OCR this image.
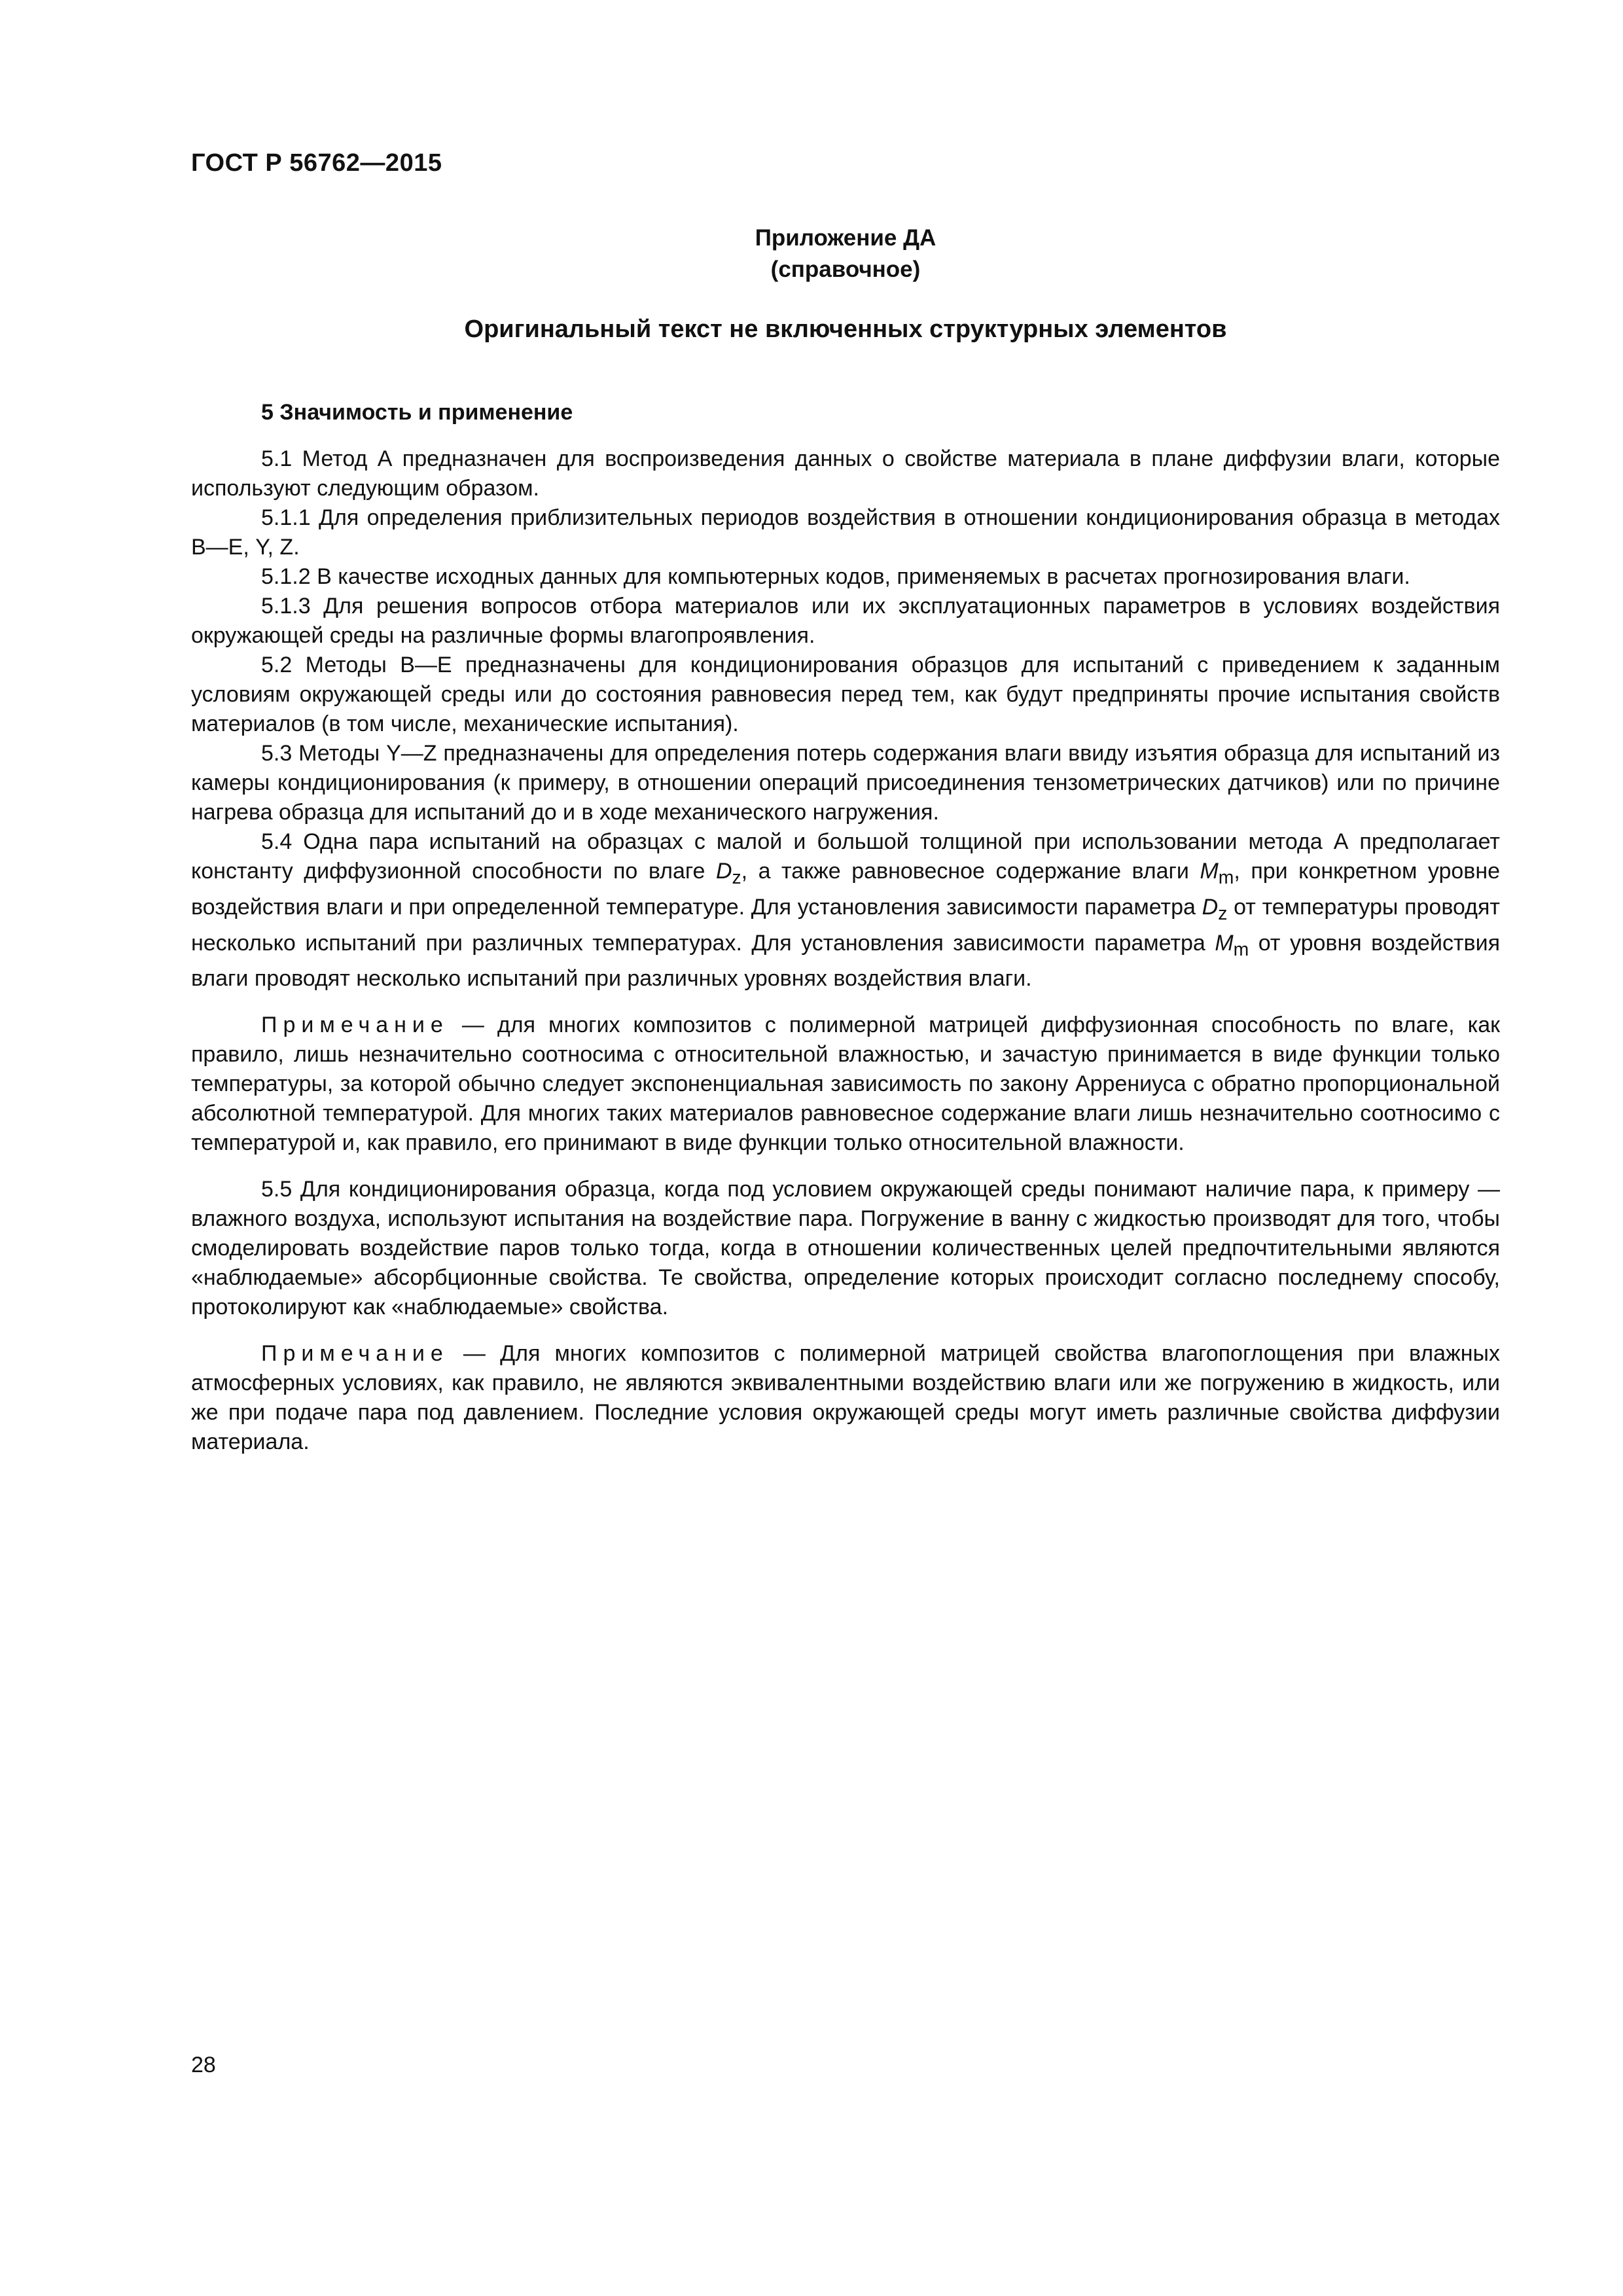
ГОСТ Р 56762—2015
Приложение ДА
(справочное)
Оригинальный текст не включенных структурных элементов

5 Значимость и применение

5.1 Метод А предназначен для воспроизведения данных о свойстве материала в плане диффузии влаги, которые используют следующим образом.

5.1.1 Для определения приблизительных периодов воздействия в отношении кондиционирования образца в методах В—Е, Y, Z.

5.1.2 В качестве исходных данных для компьютерных кодов, применяемых в расчетах прогнозирования влаги.

5.1.3 Для решения вопросов отбора материалов или их эксплуатационных параметров в условиях воздействия окружающей среды на различные формы влагопроявления.

5.2 Методы В—Е предназначены для кондиционирования образцов для испытаний с приведением к заданным условиям окружающей среды или до состояния равновесия перед тем, как будут предприняты прочие испытания свойств материалов (в том числе, механические испытания).

5.3 Методы Y—Z предназначены для определения потерь содержания влаги ввиду изъятия образца для испытаний из камеры кондиционирования (к примеру, в отношении операций присоединения тензометрических датчиков) или по причине нагрева образца для испытаний до и в ходе механического нагружения.

5.4 Одна пара испытаний на образцах с малой и большой толщиной при использовании метода А предполагает константу диффузионной способности по влаге $D_z$, а также равновесное содержание влаги $M_m$, при конкретном уровне воздействия влаги и при определенной температуре. Для установления зависимости параметра $D_z$ от температуры проводят несколько испытаний при различных температурах. Для установления зависимости параметра $M_m$ от уровня воздействия влаги проводят несколько испытаний при различных уровнях воздействия влаги.

Примечание — для многих композитов с полимерной матрицей диффузионная способность по влаге, как правило, лишь незначительно соотносима с относительной влажностью, и зачастую принимается в виде функции только температуры, за которой обычно следует экспоненциальная зависимость по закону Аррениуса с обратно пропорциональной абсолютной температурой. Для многих таких материалов равновесное содержание влаги лишь незначительно соотносимо с температурой и, как правило, его принимают в виде функции только относительной влажности.

5.5 Для кондиционирования образца, когда под условием окружающей среды понимают наличие пара, к примеру — влажного воздуха, используют испытания на воздействие пара. Погружение в ванну с жидкостью производят для того, чтобы смоделировать воздействие паров только тогда, когда в отношении количественных целей предпочтительными являются «наблюдаемые» абсорбционные свойства. Те свойства, определение которых происходит согласно последнему способу, протоколируют как «наблюдаемые» свойства.

Примечание — Для многих композитов с полимерной матрицей свойства влагопоглощения при влажных атмосферных условиях, как правило, не являются эквивалентными воздействию влаги или же погружению в жидкость, или же при подаче пара под давлением. Последние условия окружающей среды могут иметь различные свойства диффузии материала.

28
